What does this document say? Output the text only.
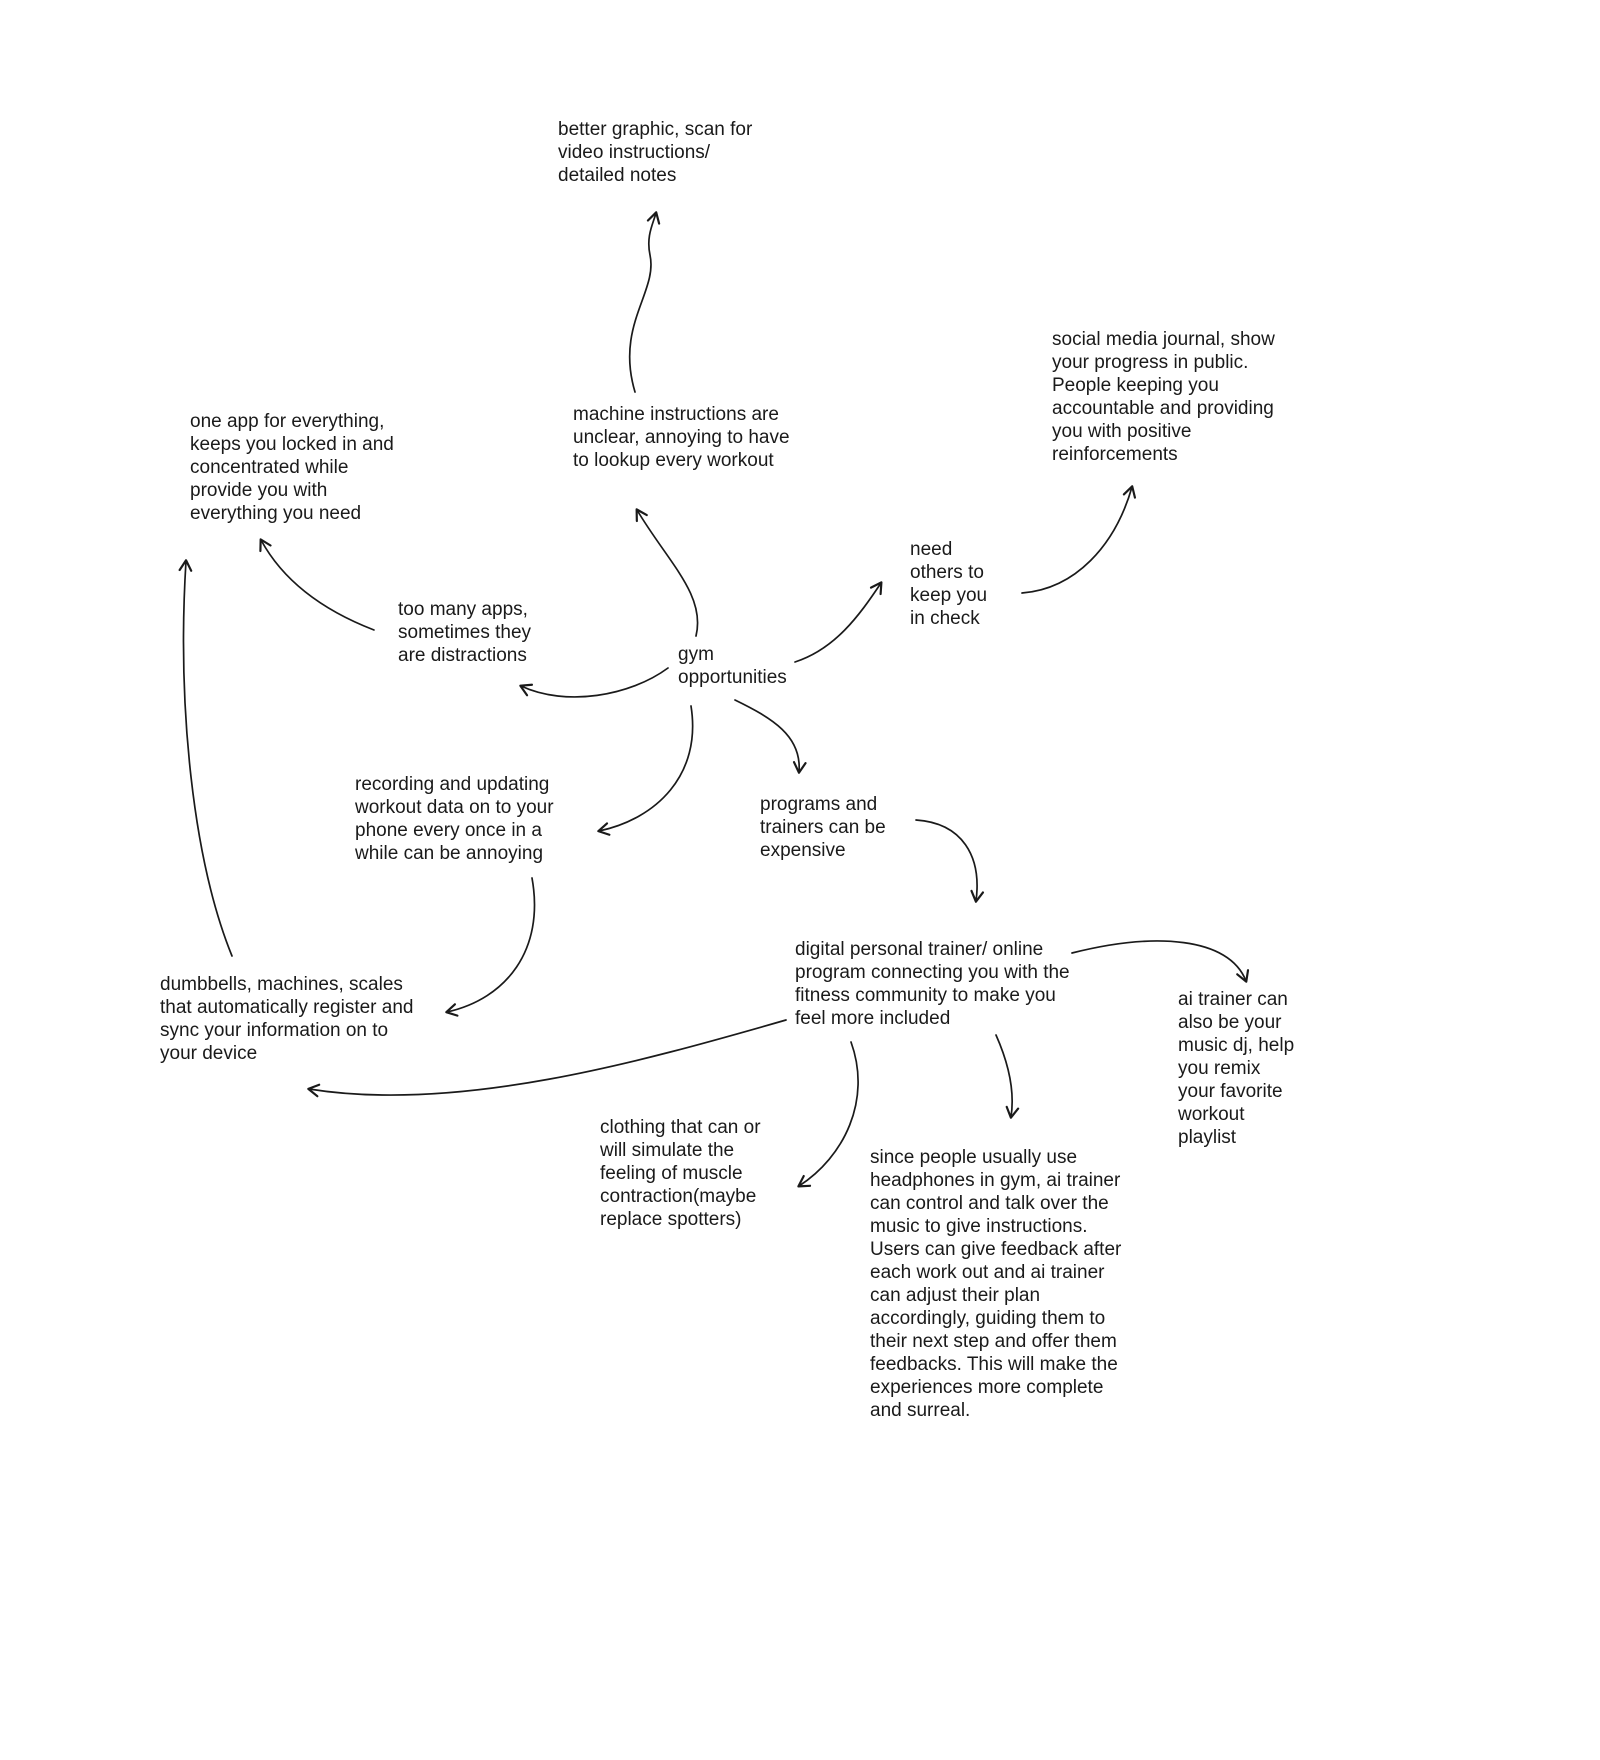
better graphic, scan for video instructions/ detailed notes
machine instructions are unclear, annoying to have to lookup every workout
social media journal, show your progress in public. People keeping you accountable and providing you with positive reinforcements
one app for everything, keeps you locked in and concentrated while provide you with everything you need
too many apps, sometimes they are distractions
need others to keep you in check
gym opportunities
recording and updating workout data on to your phone every once in a while can be annoying
programs and trainers can be expensive
dumbbells, machines, scales that automatically register and sync your information on to your device
digital personal trainer/ online program connecting you with the fitness community to make you feel more included
ai trainer can also be your music dj, help you remix your favorite workout playlist
clothing that can or will simulate the feeling of muscle contraction(maybe replace spotters)
since people usually use headphones in gym, ai trainer can control and talk over the music to give instructions. Users can give feedback after each work out and ai trainer can adjust their plan accordingly, guiding them to their next step and offer them feedbacks. This will make the experiences more complete and surreal.
